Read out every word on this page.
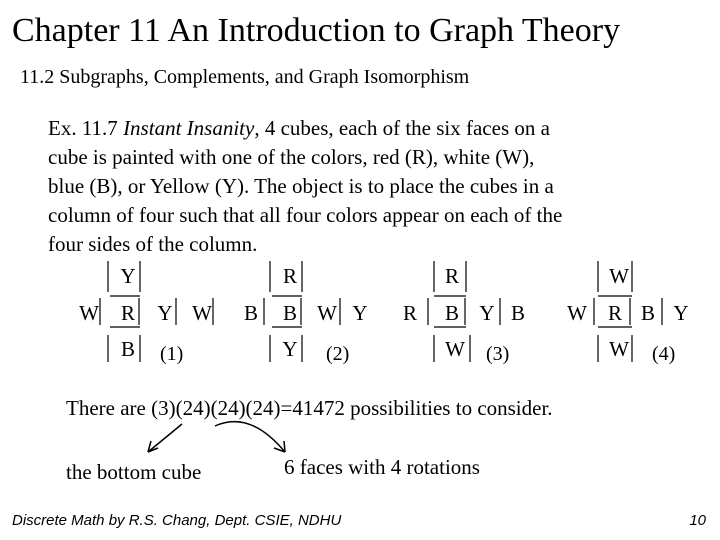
Chapter 11 An Introduction to Graph Theory
11.2 Subgraphs, Complements, and Graph Isomorphism
Ex. 11.7 Instant Insanity, 4 cubes, each of the six faces on a
cube is painted with one of the colors, red (R), white (W),
blue (B), or Yellow (Y). The object is to place the cubes in a
column of four such that all four colors appear on each of the
four sides of the column.
Y
W R Y W
B (1)
R
B B W Y
Y (2)
R
R B Y B
W (3)
W
W R B Y
W (4)
There are (3)(24)(24)(24)=41472 possibilities to consider.
the bottom cube	6 faces with 4 rotations
Discrete Math by R.S. Chang, Dept. CSIE, NDHU	10
